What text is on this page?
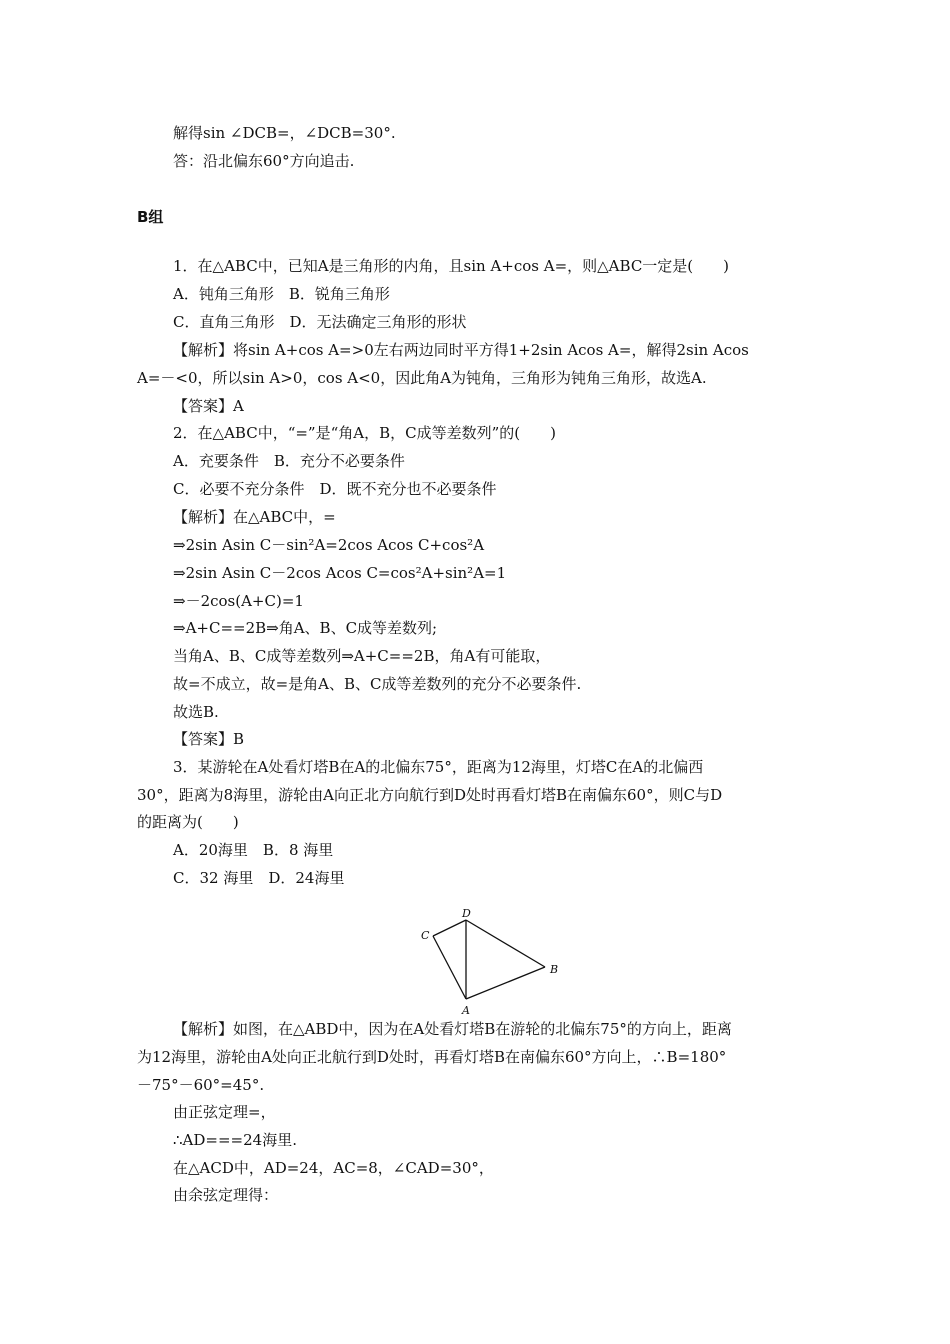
解得sin ∠DCB=，∠DCB=30°.
答：沿北偏东60°方向追击.
B组
1．在△ABC中，已知A是三角形的内角，且sin A+cos A=，则△ABC一定是(　　)
A．钝角三角形　B．锐角三角形
C．直角三角形　D．无法确定三角形的形状
【解析】将sin A+cos A=>0左右两边同时平方得1+2sin Acos A=，解得2sin Acos
A=－<0，所以sin A>0，cos A<0，因此角A为钝角，三角形为钝角三角形，故选A.
【答案】A
2．在△ABC中，“=”是“角A，B，C成等差数列”的(　　)
A．充要条件　B．充分不必要条件
C．必要不充分条件　D．既不充分也不必要条件
【解析】在△ABC中，=
⇒2sin Asin C－sin²A=2cos Acos C+cos²A
⇒2sin Asin C－2cos Acos C=cos²A+sin²A=1
⇒－2cos(A+C)=1
⇒A+C==2B⇒角A、B、C成等差数列;
当角A、B、C成等差数列⇒A+C==2B，角A有可能取，
故=不成立，故=是角A、B、C成等差数列的充分不必要条件.
故选B.
【答案】B
3．某游轮在A处看灯塔B在A的北偏东75°，距离为12海里，灯塔C在A的北偏西
30°，距离为8海里，游轮由A向正北方向航行到D处时再看灯塔B在南偏东60°，则C与D
的距离为(　　)
A．20海里　B．8 海里
C．32 海里　D．24海里
C
D
B
A
【解析】如图，在△ABD中，因为在A处看灯塔B在游轮的北偏东75°的方向上，距离
为12海里，游轮由A处向正北航行到D处时，再看灯塔B在南偏东60°方向上，∴B=180°
－75°－60°=45°.
由正弦定理=，
∴AD===24海里.
在△ACD中，AD=24，AC=8，∠CAD=30°，
由余弦定理得：
